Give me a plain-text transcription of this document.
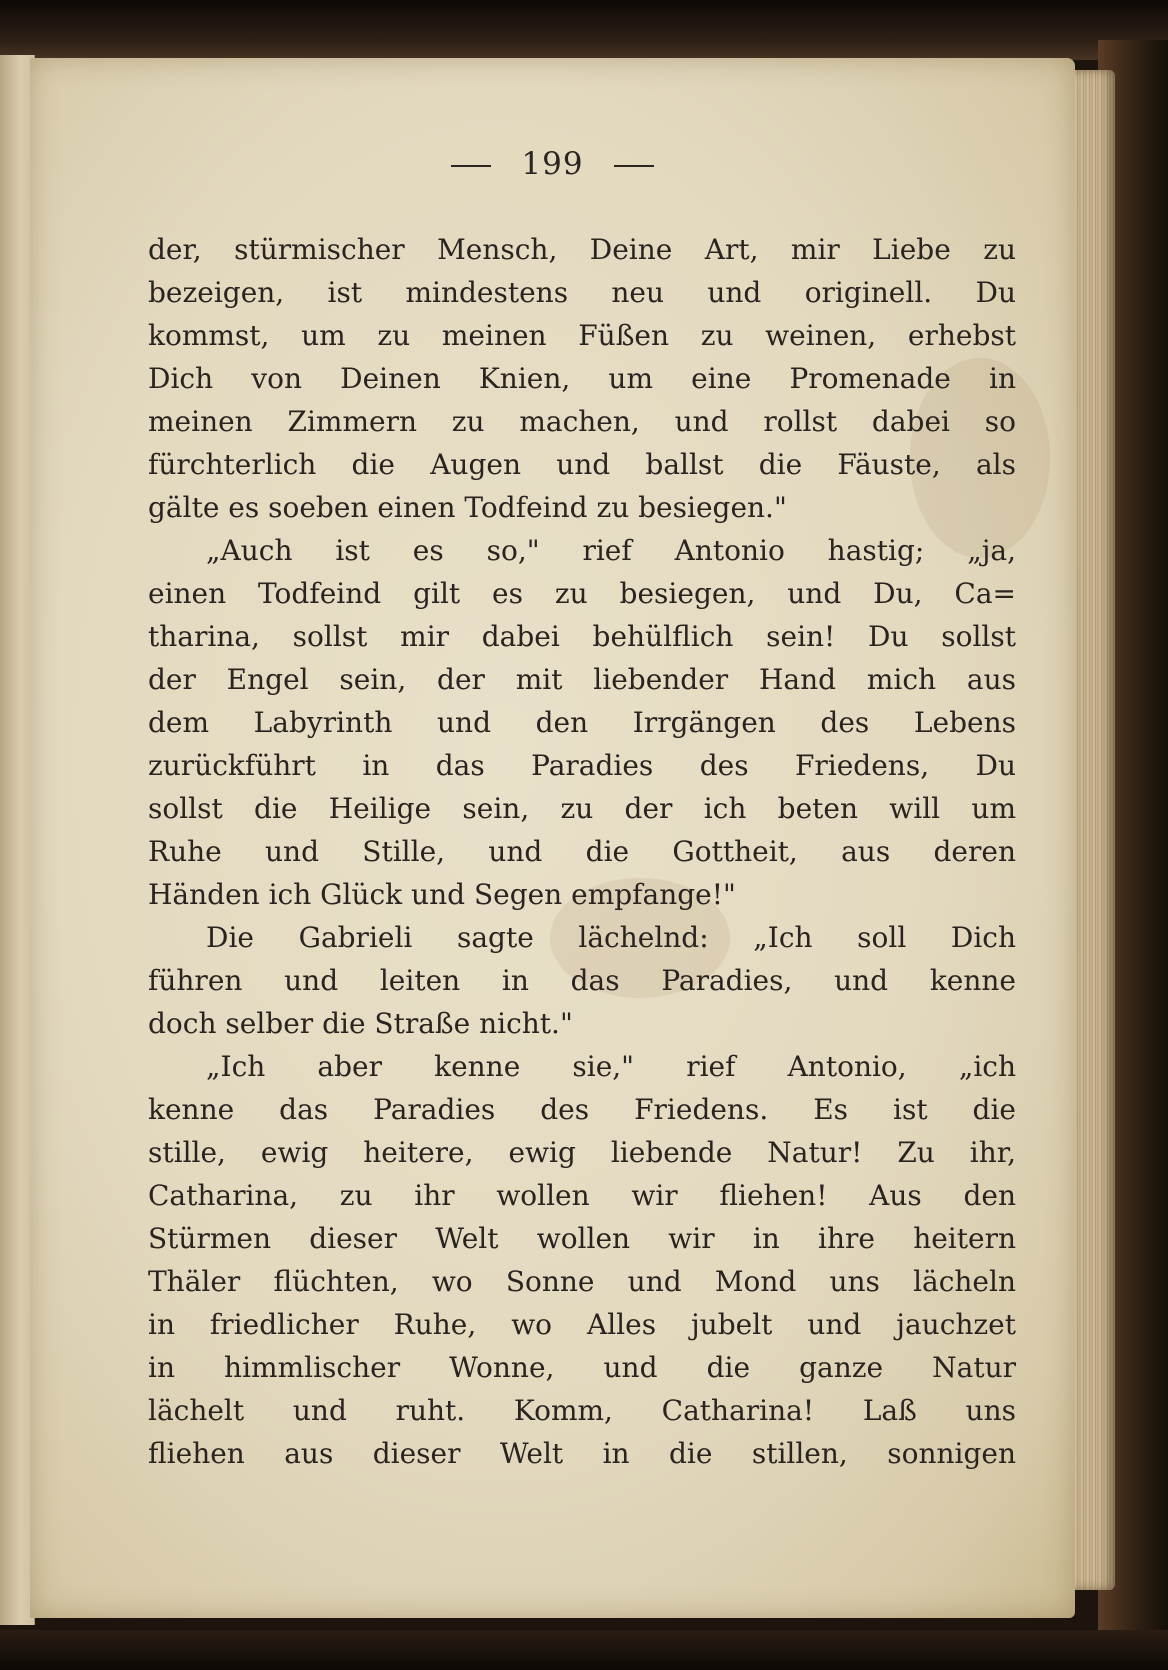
199
der, stürmischer Mensch, Deine Art, mir Liebe zu
bezeigen, ist mindestens neu und originell. Du
kommst, um zu meinen Füßen zu weinen, erhebst
Dich von Deinen Knien, um eine Promenade in
meinen Zimmern zu machen, und rollst dabei so
fürchterlich die Augen und ballst die Fäuste, als
gälte es soeben einen Todfeind zu besiegen."
„Auch ist es so," rief Antonio hastig; „ja,
einen Todfeind gilt es zu besiegen, und Du, Ca=
tharina, sollst mir dabei behülflich sein! Du sollst
der Engel sein, der mit liebender Hand mich aus
dem Labyrinth und den Irrgängen des Lebens
zurückführt in das Paradies des Friedens, Du
sollst die Heilige sein, zu der ich beten will um
Ruhe und Stille, und die Gottheit, aus deren
Händen ich Glück und Segen empfange!"
Die Gabrieli sagte lächelnd: „Ich soll Dich
führen und leiten in das Paradies, und kenne
doch selber die Straße nicht."
„Ich aber kenne sie," rief Antonio, „ich
kenne das Paradies des Friedens. Es ist die
stille, ewig heitere, ewig liebende Natur! Zu ihr,
Catharina, zu ihr wollen wir fliehen! Aus den
Stürmen dieser Welt wollen wir in ihre heitern
Thäler flüchten, wo Sonne und Mond uns lächeln
in friedlicher Ruhe, wo Alles jubelt und jauchzet
in himmlischer Wonne, und die ganze Natur
lächelt und ruht. Komm, Catharina! Laß uns
fliehen aus dieser Welt in die stillen, sonnigen
